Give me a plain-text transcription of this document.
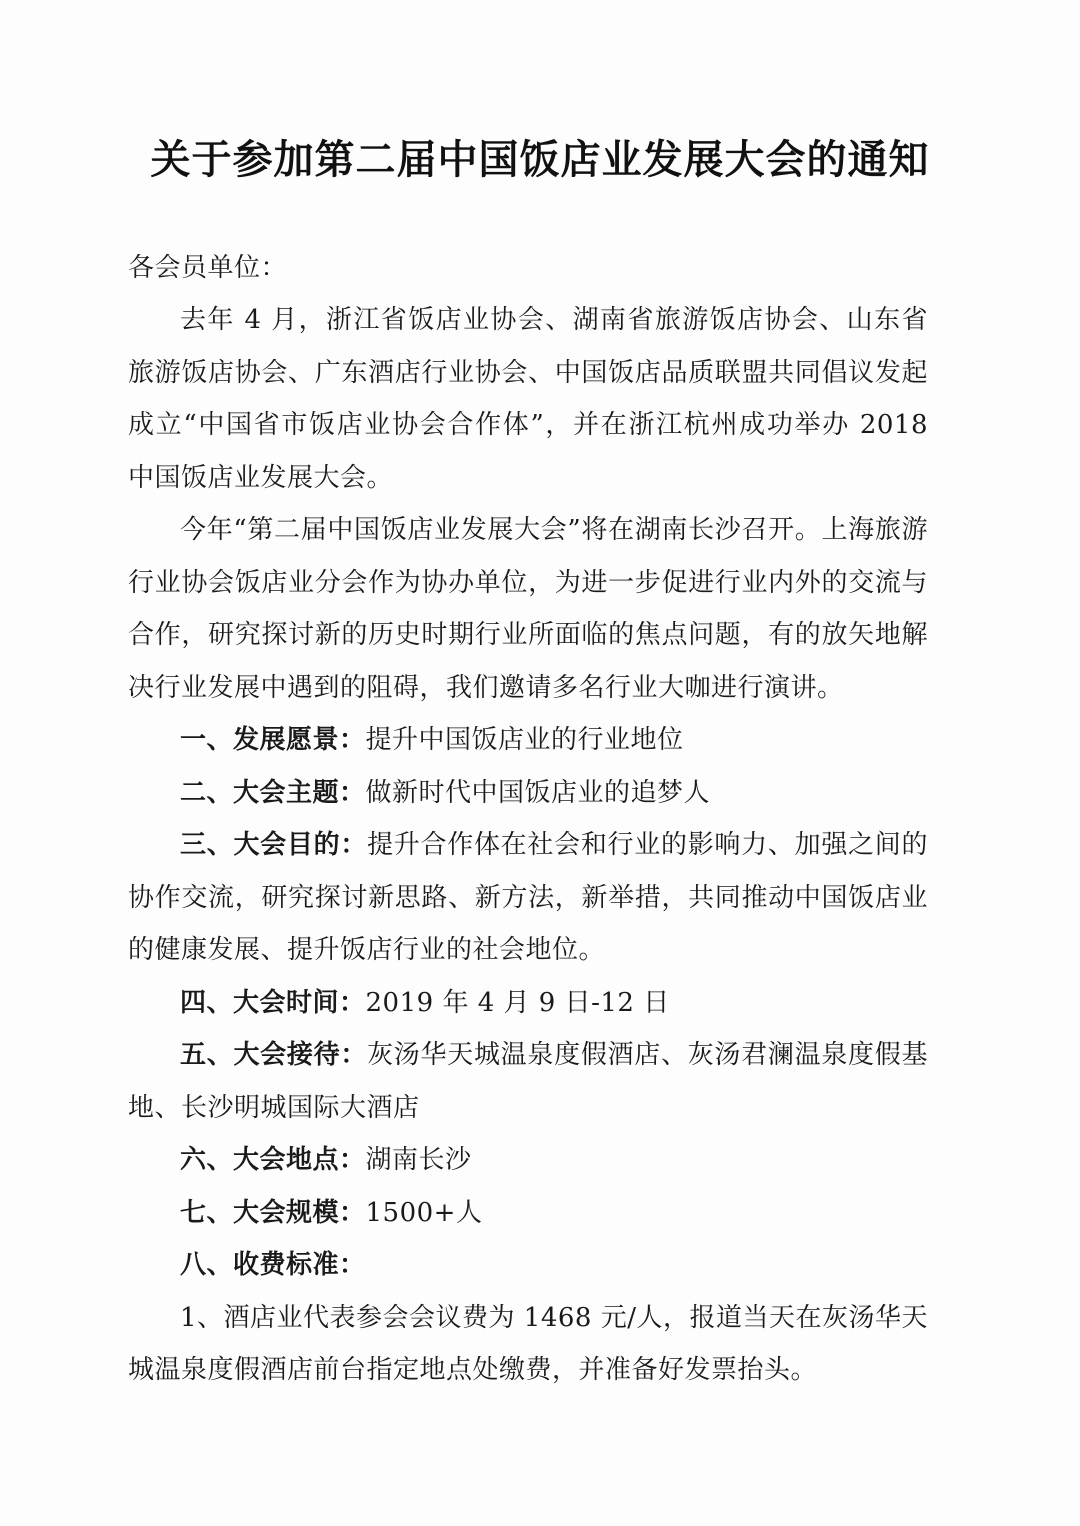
关于参加第二届中国饭店业发展大会的通知
各会员单位：

去年 4 月，浙江省饭店业协会、湖南省旅游饭店协会、山东省旅游饭店协会、广东酒店行业协会、中国饭店品质联盟共同倡议发起成立“中国省市饭店业协会合作体”，并在浙江杭州成功举办 2018 中国饭店业发展大会。

今年“第二届中国饭店业发展大会”将在湖南长沙召开。上海旅游行业协会饭店业分会作为协办单位，为进一步促进行业内外的交流与合作，研究探讨新的历史时期行业所面临的焦点问题，有的放矢地解决行业发展中遇到的阻碍，我们邀请多名行业大咖进行演讲。

一、发展愿景：提升中国饭店业的行业地位

二、大会主题：做新时代中国饭店业的追梦人

三、大会目的：提升合作体在社会和行业的影响力、加强之间的协作交流，研究探讨新思路、新方法，新举措，共同推动中国饭店业的健康发展、提升饭店行业的社会地位。

四、大会时间：2019 年 4 月 9 日-12 日

五、大会接待：灰汤华天城温泉度假酒店、灰汤君澜温泉度假基地、长沙明城国际大酒店

六、大会地点：湖南长沙

七、大会规模：1500+人

八、收费标准：

1、酒店业代表参会会议费为 1468 元/人，报道当天在灰汤华天城温泉度假酒店前台指定地点处缴费，并准备好发票抬头。
